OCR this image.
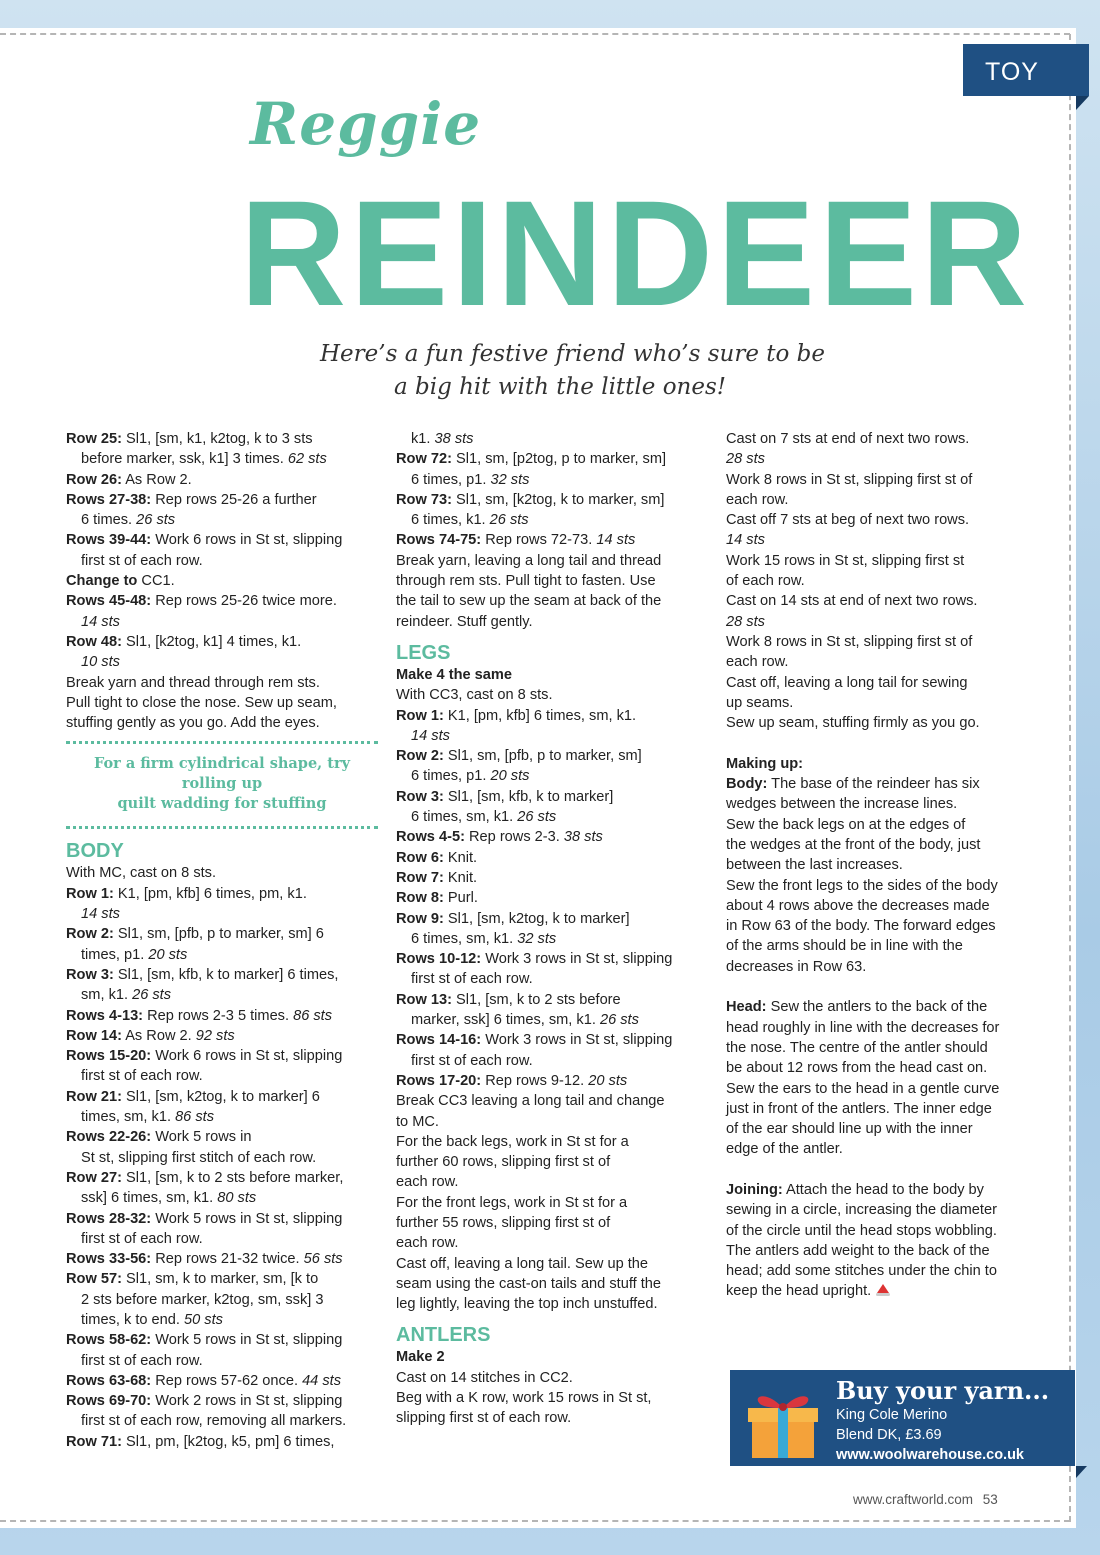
TOY
Reggie
REINDEER
Here’s a fun festive friend who’s sure to be
a big hit with the little ones!
Row 25: Sl1, [sm, k1, k2tog, k to 3 sts
before marker, ssk, k1] 3 times. 62 sts
Row 26: As Row 2.
Rows 27-38: Rep rows 25-26 a further
6 times. 26 sts
Rows 39-44: Work 6 rows in St st, slipping
first st of each row.
Change to CC1.
Rows 45-48: Rep rows 25-26 twice more.
14 sts
Row 48: Sl1, [k2tog, k1] 4 times, k1.
10 sts
Break yarn and thread through rem sts.
Pull tight to close the nose. Sew up seam,
stuffing gently as you go. Add the eyes.
For a firm cylindrical shape, try rolling up
quilt wadding for stuffing
BODY
With MC, cast on 8 sts.
Row 1: K1, [pm, kfb] 6 times, pm, k1.
14 sts
Row 2: Sl1, sm, [pfb, p to marker, sm] 6
times, p1. 20 sts
Row 3: Sl1, [sm, kfb, k to marker] 6 times,
sm, k1. 26 sts
Rows 4-13: Rep rows 2-3 5 times. 86 sts
Row 14: As Row 2. 92 sts
Rows 15-20: Work 6 rows in St st, slipping
first st of each row.
Row 21: Sl1, [sm, k2tog, k to marker] 6
times, sm, k1. 86 sts
Rows 22-26: Work 5 rows in
St st, slipping first stitch of each row.
Row 27: Sl1, [sm, k to 2 sts before marker,
ssk] 6 times, sm, k1. 80 sts
Rows 28-32: Work 5 rows in St st, slipping
first st of each row.
Rows 33-56: Rep rows 21-32 twice. 56 sts
Row 57: Sl1, sm, k to marker, sm, [k to
2 sts before marker, k2tog, sm, ssk] 3
times, k to end. 50 sts
Rows 58-62: Work 5 rows in St st, slipping
first st of each row.
Rows 63-68: Rep rows 57-62 once. 44 sts
Rows 69-70: Work 2 rows in St st, slipping
first st of each row, removing all markers.
Row 71: Sl1, pm, [k2tog, k5, pm] 6 times,
k1. 38 sts
Row 72: Sl1, sm, [p2tog, p to marker, sm]
6 times, p1. 32 sts
Row 73: Sl1, sm, [k2tog, k to marker, sm]
6 times, k1. 26 sts
Rows 74-75: Rep rows 72-73. 14 sts
Break yarn, leaving a long tail and thread
through rem sts. Pull tight to fasten. Use
the tail to sew up the seam at back of the
reindeer. Stuff gently.
LEGS
Make 4 the same
With CC3, cast on 8 sts.
Row 1: K1, [pm, kfb] 6 times, sm, k1.
14 sts
Row 2: Sl1, sm, [pfb, p to marker, sm]
6 times, p1. 20 sts
Row 3: Sl1, [sm, kfb, k to marker]
6 times, sm, k1. 26 sts
Rows 4-5: Rep rows 2-3. 38 sts
Row 6: Knit.
Row 7: Knit.
Row 8: Purl.
Row 9: Sl1, [sm, k2tog, k to marker]
6 times, sm, k1. 32 sts
Rows 10-12: Work 3 rows in St st, slipping
first st of each row.
Row 13: Sl1, [sm, k to 2 sts before
marker, ssk] 6 times, sm, k1. 26 sts
Rows 14-16: Work 3 rows in St st, slipping
first st of each row.
Rows 17-20: Rep rows 9-12. 20 sts
Break CC3 leaving a long tail and change
to MC.
For the back legs, work in St st for a
further 60 rows, slipping first st of
each row.
For the front legs, work in St st for a
further 55 rows, slipping first st of
each row.
Cast off, leaving a long tail. Sew up the
seam using the cast-on tails and stuff the
leg lightly, leaving the top inch unstuffed.
ANTLERS
Make 2
Cast on 14 stitches in CC2.
Beg with a K row, work 15 rows in St st,
slipping first st of each row.
Cast on 7 sts at end of next two rows.
28 sts
Work 8 rows in St st, slipping first st of
each row.
Cast off 7 sts at beg of next two rows.
14 sts
Work 15 rows in St st, slipping first st
of each row.
Cast on 14 sts at end of next two rows.
28 sts
Work 8 rows in St st, slipping first st of
each row.
Cast off, leaving a long tail for sewing
up seams.
Sew up seam, stuffing firmly as you go.
Making up:
Body: The base of the reindeer has six
wedges between the increase lines.
Sew the back legs on at the edges of
the wedges at the front of the body, just
between the last increases.
Sew the front legs to the sides of the body
about 4 rows above the decreases made
in Row 63 of the body. The forward edges
of the arms should be in line with the
decreases in Row 63.
Head: Sew the antlers to the back of the
head roughly in line with the decreases for
the nose. The centre of the antler should
be about 12 rows from the head cast on.
Sew the ears to the head in a gentle curve
just in front of the antlers. The inner edge
of the ear should line up with the inner
edge of the antler.
Joining: Attach the head to the body by
sewing in a circle, increasing the diameter
of the circle until the head stops wobbling.
The antlers add weight to the back of the
head; add some stitches under the chin to
keep the head upright.
Buy your yarn...
King Cole Merino
Blend DK, £3.69
www.woolwarehouse.co.uk
www.craftworld.com 53
